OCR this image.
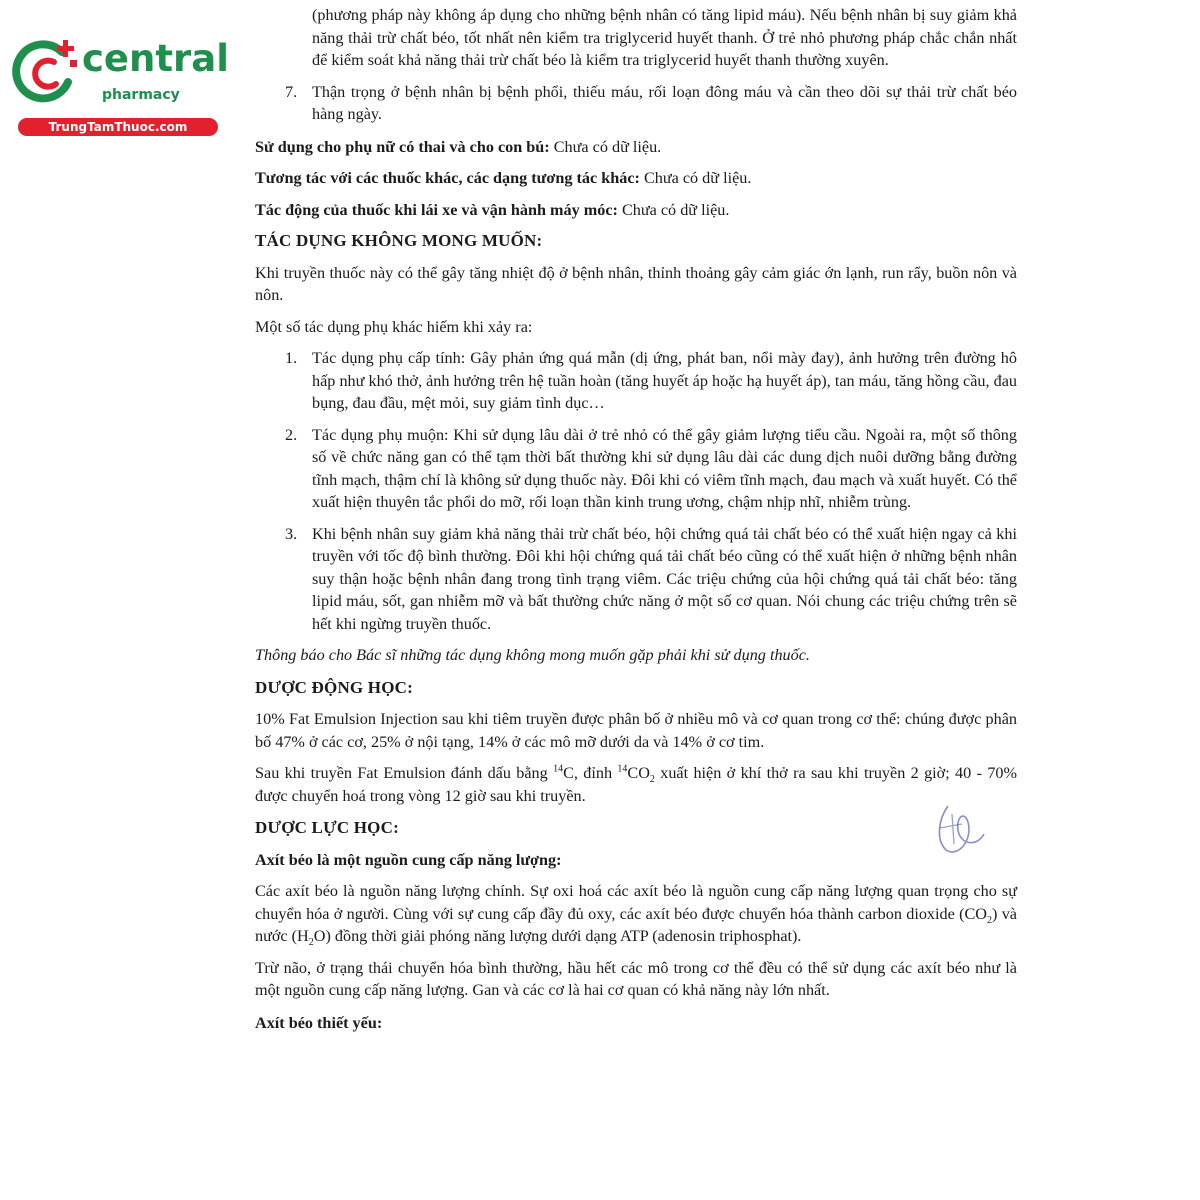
central
pharmacy
TrungTamThuoc.com

(phương pháp này không áp dụng cho những bệnh nhân có tăng lipid máu). Nếu bệnh nhân bị suy giảm khả năng thải trừ chất béo, tốt nhất nên kiểm tra triglycerid huyết thanh. Ở trẻ nhỏ phương pháp chắc chắn nhất để kiểm soát khả năng thải trừ chất béo là kiểm tra triglycerid huyết thanh thường xuyên.

7. Thận trọng ở bệnh nhân bị bệnh phổi, thiếu máu, rối loạn đông máu và cần theo dõi sự thải trừ chất béo hàng ngày.

Sử dụng cho phụ nữ có thai và cho con bú: Chưa có dữ liệu.

Tương tác với các thuốc khác, các dạng tương tác khác: Chưa có dữ liệu.

Tác động của thuốc khi lái xe và vận hành máy móc: Chưa có dữ liệu.

TÁC DỤNG KHÔNG MONG MUỐN:

Khi truyền thuốc này có thể gây tăng nhiệt độ ở bệnh nhân, thỉnh thoảng gây cảm giác ớn lạnh, run rẩy, buồn nôn và nôn.

Một số tác dụng phụ khác hiếm khi xảy ra:

1. Tác dụng phụ cấp tính: Gây phản ứng quá mẫn (dị ứng, phát ban, nổi mày đay), ảnh hưởng trên đường hô hấp như khó thở, ảnh hưởng trên hệ tuần hoàn (tăng huyết áp hoặc hạ huyết áp), tan máu, tăng hồng cầu, đau bụng, đau đầu, mệt mỏi, suy giảm tình dục…
2. Tác dụng phụ muộn: Khi sử dụng lâu dài ở trẻ nhỏ có thể gây giảm lượng tiểu cầu. Ngoài ra, một số thông số về chức năng gan có thể tạm thời bất thường khi sử dụng lâu dài các dung dịch nuôi dưỡng bằng đường tĩnh mạch, thậm chí là không sử dụng thuốc này. Đôi khi có viêm tĩnh mạch, đau mạch và xuất huyết. Có thể xuất hiện thuyên tắc phổi do mỡ, rối loạn thần kinh trung ương, chậm nhịp nhĩ, nhiễm trùng.
3. Khi bệnh nhân suy giảm khả năng thải trừ chất béo, hội chứng quá tải chất béo có thể xuất hiện ngay cả khi truyền với tốc độ bình thường. Đôi khi hội chứng quá tải chất béo cũng có thể xuất hiện ở những bệnh nhân suy thận hoặc bệnh nhân đang trong tình trạng viêm. Các triệu chứng của hội chứng quá tải chất béo: tăng lipid máu, sốt, gan nhiễm mỡ và bất thường chức năng ở một số cơ quan. Nói chung các triệu chứng trên sẽ hết khi ngừng truyền thuốc.

Thông báo cho Bác sĩ những tác dụng không mong muốn gặp phải khi sử dụng thuốc.

DƯỢC ĐỘNG HỌC:

10% Fat Emulsion Injection sau khi tiêm truyền được phân bố ở nhiều mô và cơ quan trong cơ thể: chúng được phân bố 47% ở các cơ, 25% ở nội tạng, 14% ở các mô mỡ dưới da và 14% ở cơ tim.

Sau khi truyền Fat Emulsion đánh dấu bằng $^{14}$C, đỉnh $^{14}CO_2$ xuất hiện ở khí thở ra sau khi truyền 2 giờ; 40 - 70% được chuyển hoá trong vòng 12 giờ sau khi truyền.

DƯỢC LỰC HỌC:

Axít béo là một nguồn cung cấp năng lượng:

Các axít béo là nguồn năng lượng chính. Sự oxi hoá các axít béo là nguồn cung cấp năng lượng quan trọng cho sự chuyển hóa ở người. Cùng với sự cung cấp đầy đủ oxy, các axít béo được chuyển hóa thành carbon dioxide $(CO_2)$ và nước $(H_2O)$ đồng thời giải phóng năng lượng dưới dạng ATP (adenosin triphosphat).

Trừ não, ở trạng thái chuyển hóa bình thường, hầu hết các mô trong cơ thể đều có thể sử dụng các axít béo như là một nguồn cung cấp năng lượng. Gan và các cơ là hai cơ quan có khả năng này lớn nhất.

Axít béo thiết yếu:
